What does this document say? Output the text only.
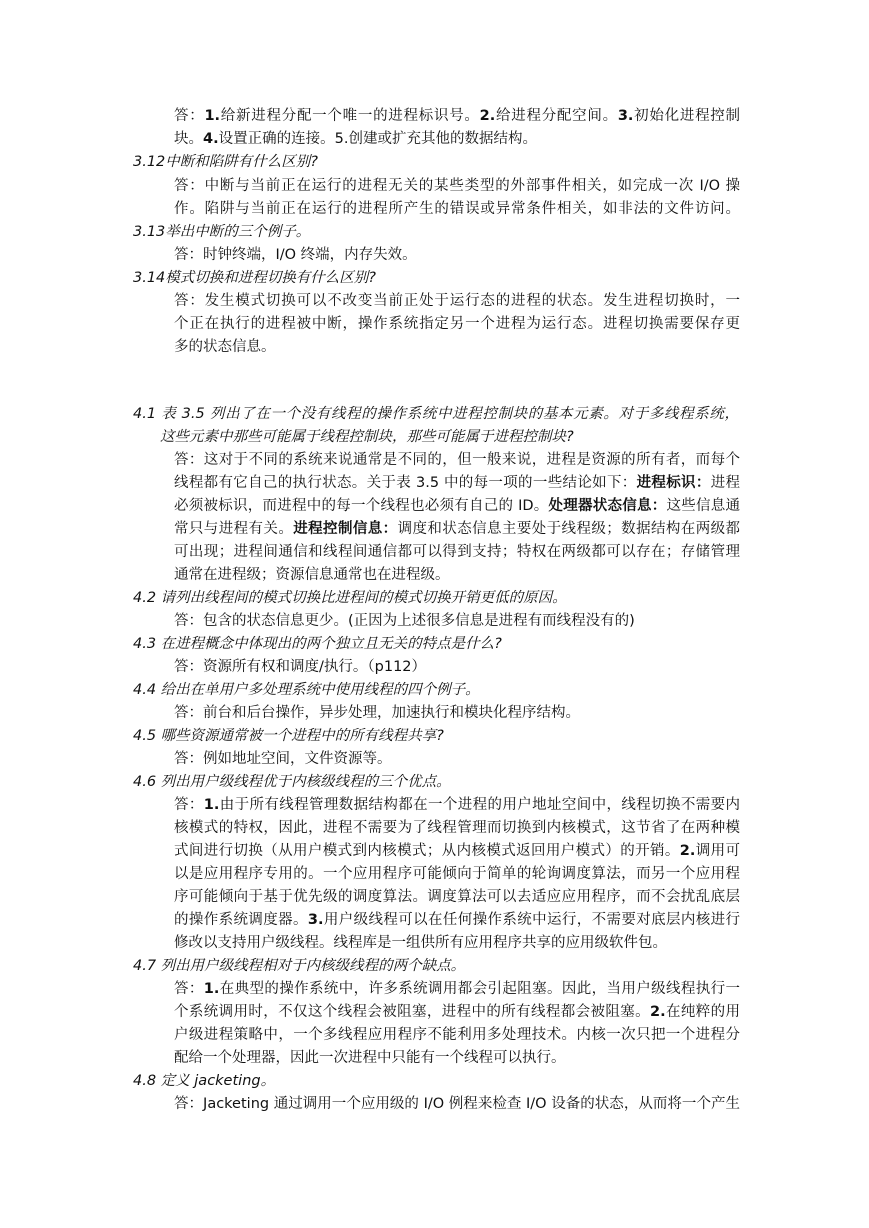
答：1.给新进程分配一个唯一的进程标识号。2.给进程分配空间。3.初始化进程控制
块。4.设置正确的连接。5.创建或扩充其他的数据结构。
3.12中断和陷阱有什么区别?
答：中断与当前正在运行的进程无关的某些类型的外部事件相关，如完成一次 I/O 操
作。陷阱与当前正在运行的进程所产生的错误或异常条件相关，如非法的文件访问。
3.13举出中断的三个例子。
答：时钟终端，I/O 终端，内存失效。
3.14模式切换和进程切换有什么区别?
答：发生模式切换可以不改变当前正处于运行态的进程的状态。发生进程切换时，一
个正在执行的进程被中断，操作系统指定另一个进程为运行态。进程切换需要保存更
多的状态信息。
4.1 表 3.5 列出了在一个没有线程的操作系统中进程控制块的基本元素。对于多线程系统，
这些元素中那些可能属于线程控制块，那些可能属于进程控制块?
答：这对于不同的系统来说通常是不同的，但一般来说，进程是资源的所有者，而每个
线程都有它自己的执行状态。关于表 3.5 中的每一项的一些结论如下：进程标识：进程
必须被标识，而进程中的每一个线程也必须有自己的 ID。处理器状态信息：这些信息通
常只与进程有关。进程控制信息：调度和状态信息主要处于线程级；数据结构在两级都
可出现；进程间通信和线程间通信都可以得到支持；特权在两级都可以存在；存储管理
通常在进程级；资源信息通常也在进程级。
4.2 请列出线程间的模式切换比进程间的模式切换开销更低的原因。
答：包含的状态信息更少。(正因为上述很多信息是进程有而线程没有的)
4.3 在进程概念中体现出的两个独立且无关的特点是什么?
答：资源所有权和调度/执行。（p112）
4.4 给出在单用户多处理系统中使用线程的四个例子。
答：前台和后台操作，异步处理，加速执行和模块化程序结构。
4.5 哪些资源通常被一个进程中的所有线程共享?
答：例如地址空间，文件资源等。
4.6 列出用户级线程优于内核级线程的三个优点。
答：1.由于所有线程管理数据结构都在一个进程的用户地址空间中，线程切换不需要内
核模式的特权，因此，进程不需要为了线程管理而切换到内核模式，这节省了在两种模
式间进行切换（从用户模式到内核模式；从内核模式返回用户模式）的开销。2.调用可
以是应用程序专用的。一个应用程序可能倾向于简单的轮询调度算法，而另一个应用程
序可能倾向于基于优先级的调度算法。调度算法可以去适应应用程序，而不会扰乱底层
的操作系统调度器。3.用户级线程可以在任何操作系统中运行，不需要对底层内核进行
修改以支持用户级线程。线程库是一组供所有应用程序共享的应用级软件包。
4.7 列出用户级线程相对于内核级线程的两个缺点。
答：1.在典型的操作系统中，许多系统调用都会引起阻塞。因此，当用户级线程执行一
个系统调用时，不仅这个线程会被阻塞，进程中的所有线程都会被阻塞。2.在纯粹的用
户级进程策略中，一个多线程应用程序不能利用多处理技术。内核一次只把一个进程分
配给一个处理器，因此一次进程中只能有一个线程可以执行。
4.8 定义 jacketing。
答：Jacketing 通过调用一个应用级的 I/O 例程来检查 I/O 设备的状态，从而将一个产生
